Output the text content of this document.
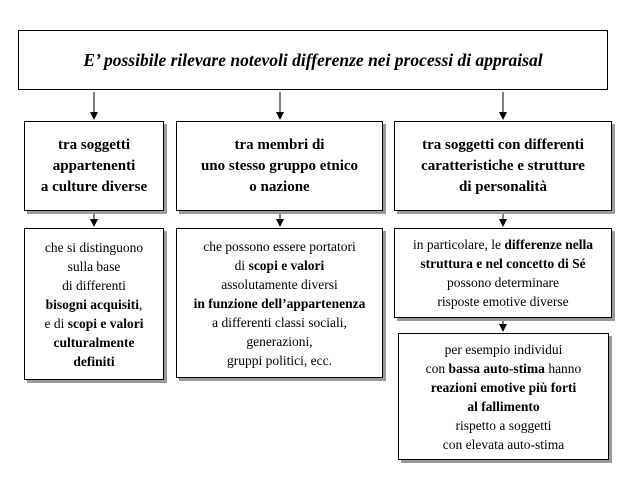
E’ possibile rilevare notevoli differenze nei processi di appraisal
tra soggetti
appartenenti
a culture diverse
tra membri di
uno stesso gruppo etnico
o nazione
tra soggetti con differenti
caratteristiche e strutture
di personalità
che si distinguono
sulla base
di differenti
bisogni acquisiti,
e di scopi e valori
culturalmente
definiti
che possono essere portatori
di scopi e valori
assolutamente diversi
in funzione dell’appartenenza
a differenti classi sociali,
generazioni,
gruppi politici, ecc.
in particolare, le differenze nella
struttura e nel concetto di Sé
possono determinare
risposte emotive diverse
per esempio individui
con bassa auto-stima hanno
reazioni emotive più forti
al fallimento
rispetto a soggetti
con elevata auto-stima
